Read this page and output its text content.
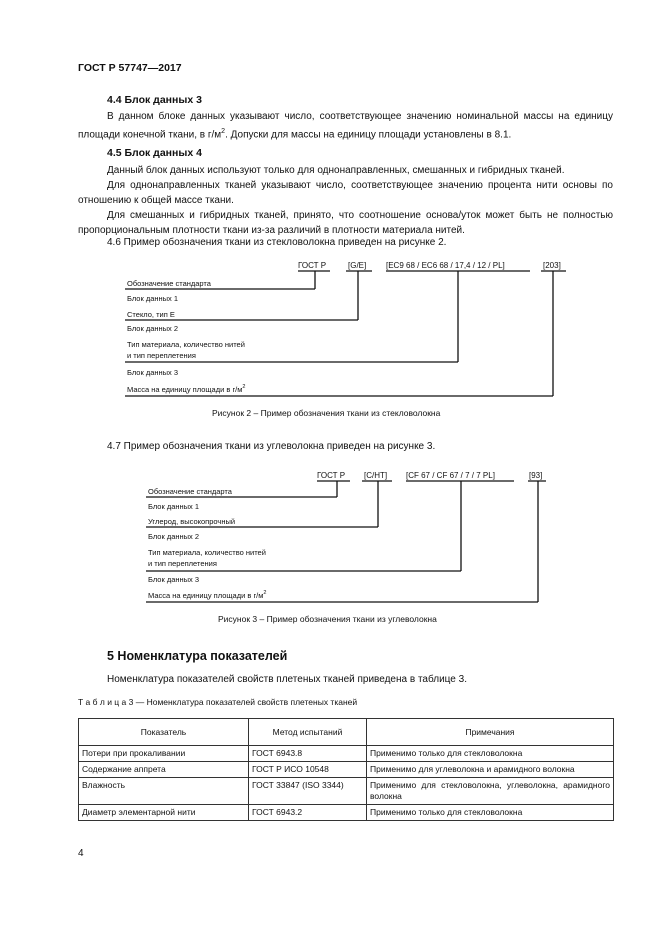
ГОСТ Р 57747—2017
4.4 Блок данных 3
В данном блоке данных указывают число, соответствующее значению номинальной массы на единицу площади конечной ткани, в $г/м^2$. Допуски для массы на единицу площади установлены в 8.1.
4.5 Блок данных 4
Данный блок данных используют только для однонаправленных, смешанных и гибридных тканей.
Для однонаправленных тканей указывают число, соответствующее значению процента нити основы по отношению к общей массе ткани.
Для смешанных и гибридных тканей, принято, что соотношение основа/уток может быть не полностью пропорциональным плотности ткани из-за различий в плотности материала нитей.
4.6 Пример обозначения ткани из стекловолокна приведен на рисунке 2.
ГОСТ Р	[G/E] [EC9 68 / EC6 68 / 17,4 / 12 / PL]	[203]
Обозначение стандарта
Блок данных 1
Стекло, тип Е
Блок данных 2
Тип материала, количество нитей
и тип переплетения
Блок данных 3
Масса на единицу площади в $г/м^2$
Рисунок 2 – Пример обозначения ткани из стекловолокна
4.7 Пример обозначения ткани из углеволокна приведен на рисунке 3.
ГОСТ Р [C/HT] [CF 67 / CF 67 / 7 / 7 PL]	[93]
Обозначение стандарта
Блок данных 1
Углерод, высокопрочный
Блок данных 2
Тип материала, количество нитей
и тип переплетения
Блок данных 3
Масса на единицу площади в $г/м^2$
Рисунок 3 – Пример обозначения ткани из углеволокна
5 Номенклатура показателей
Номенклатура показателей свойств плетеных тканей приведена в таблице 3.
Т а б л и ц а 3 — Номенклатура показателей свойств плетеных тканей
Показатель	Метод испытаний	Примечания
Потери при прокаливании	ГОСТ 6943.8	Применимо только для стекловолокна
Содержание аппрета	ГОСТ Р ИСО 10548	Применимо для углеволокна и арамидного волокна
Влажность	ГОСТ 33847 (ISO 3344)	Применимо для стекловолокна, углеволокна, арамидного волокна
Диаметр элементарной нити	ГОСТ 6943.2	Применимо только для стекловолокна
4
